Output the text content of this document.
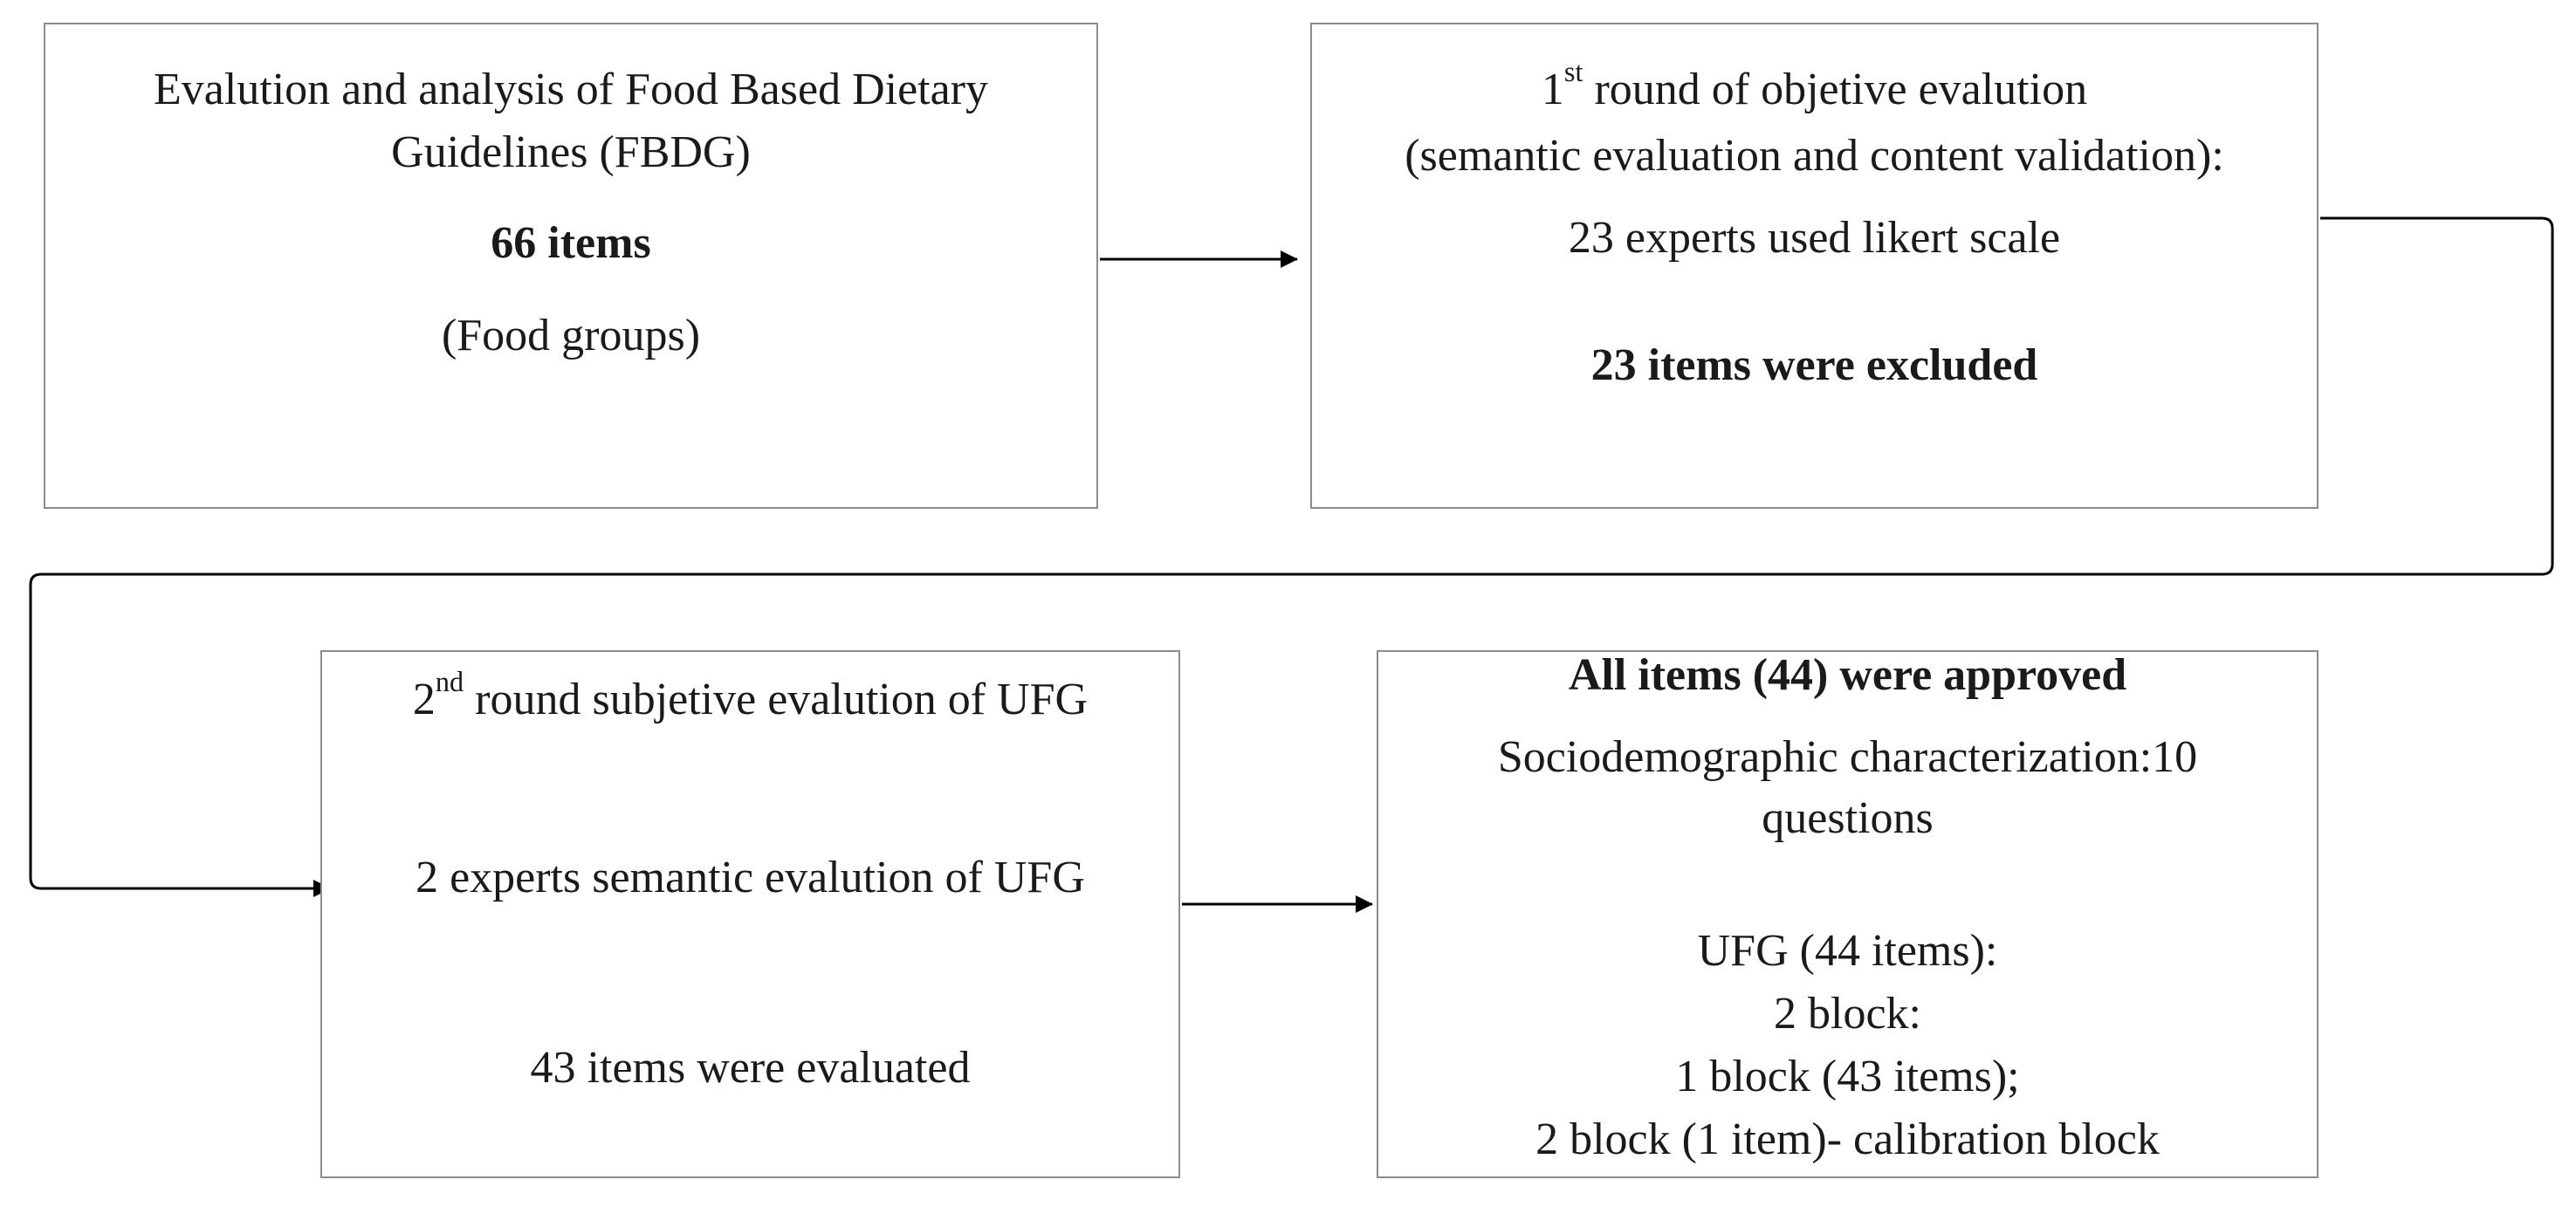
Evalution and analysis of Food Based Dietary
Guidelines (FBDG)
66 items
(Food groups)
1st round of objetive evalution
(semantic evaluation and content validation):
23 experts used likert scale
23 items were excluded
2nd round subjetive evalution of UFG
2 experts semantic evalution of UFG
43 items were evaluated
All items (44) were approved
Sociodemographic characterization:10
questions
UFG (44 items):
2 block:
1 block (43 items);
2 block (1 item)- calibration block
